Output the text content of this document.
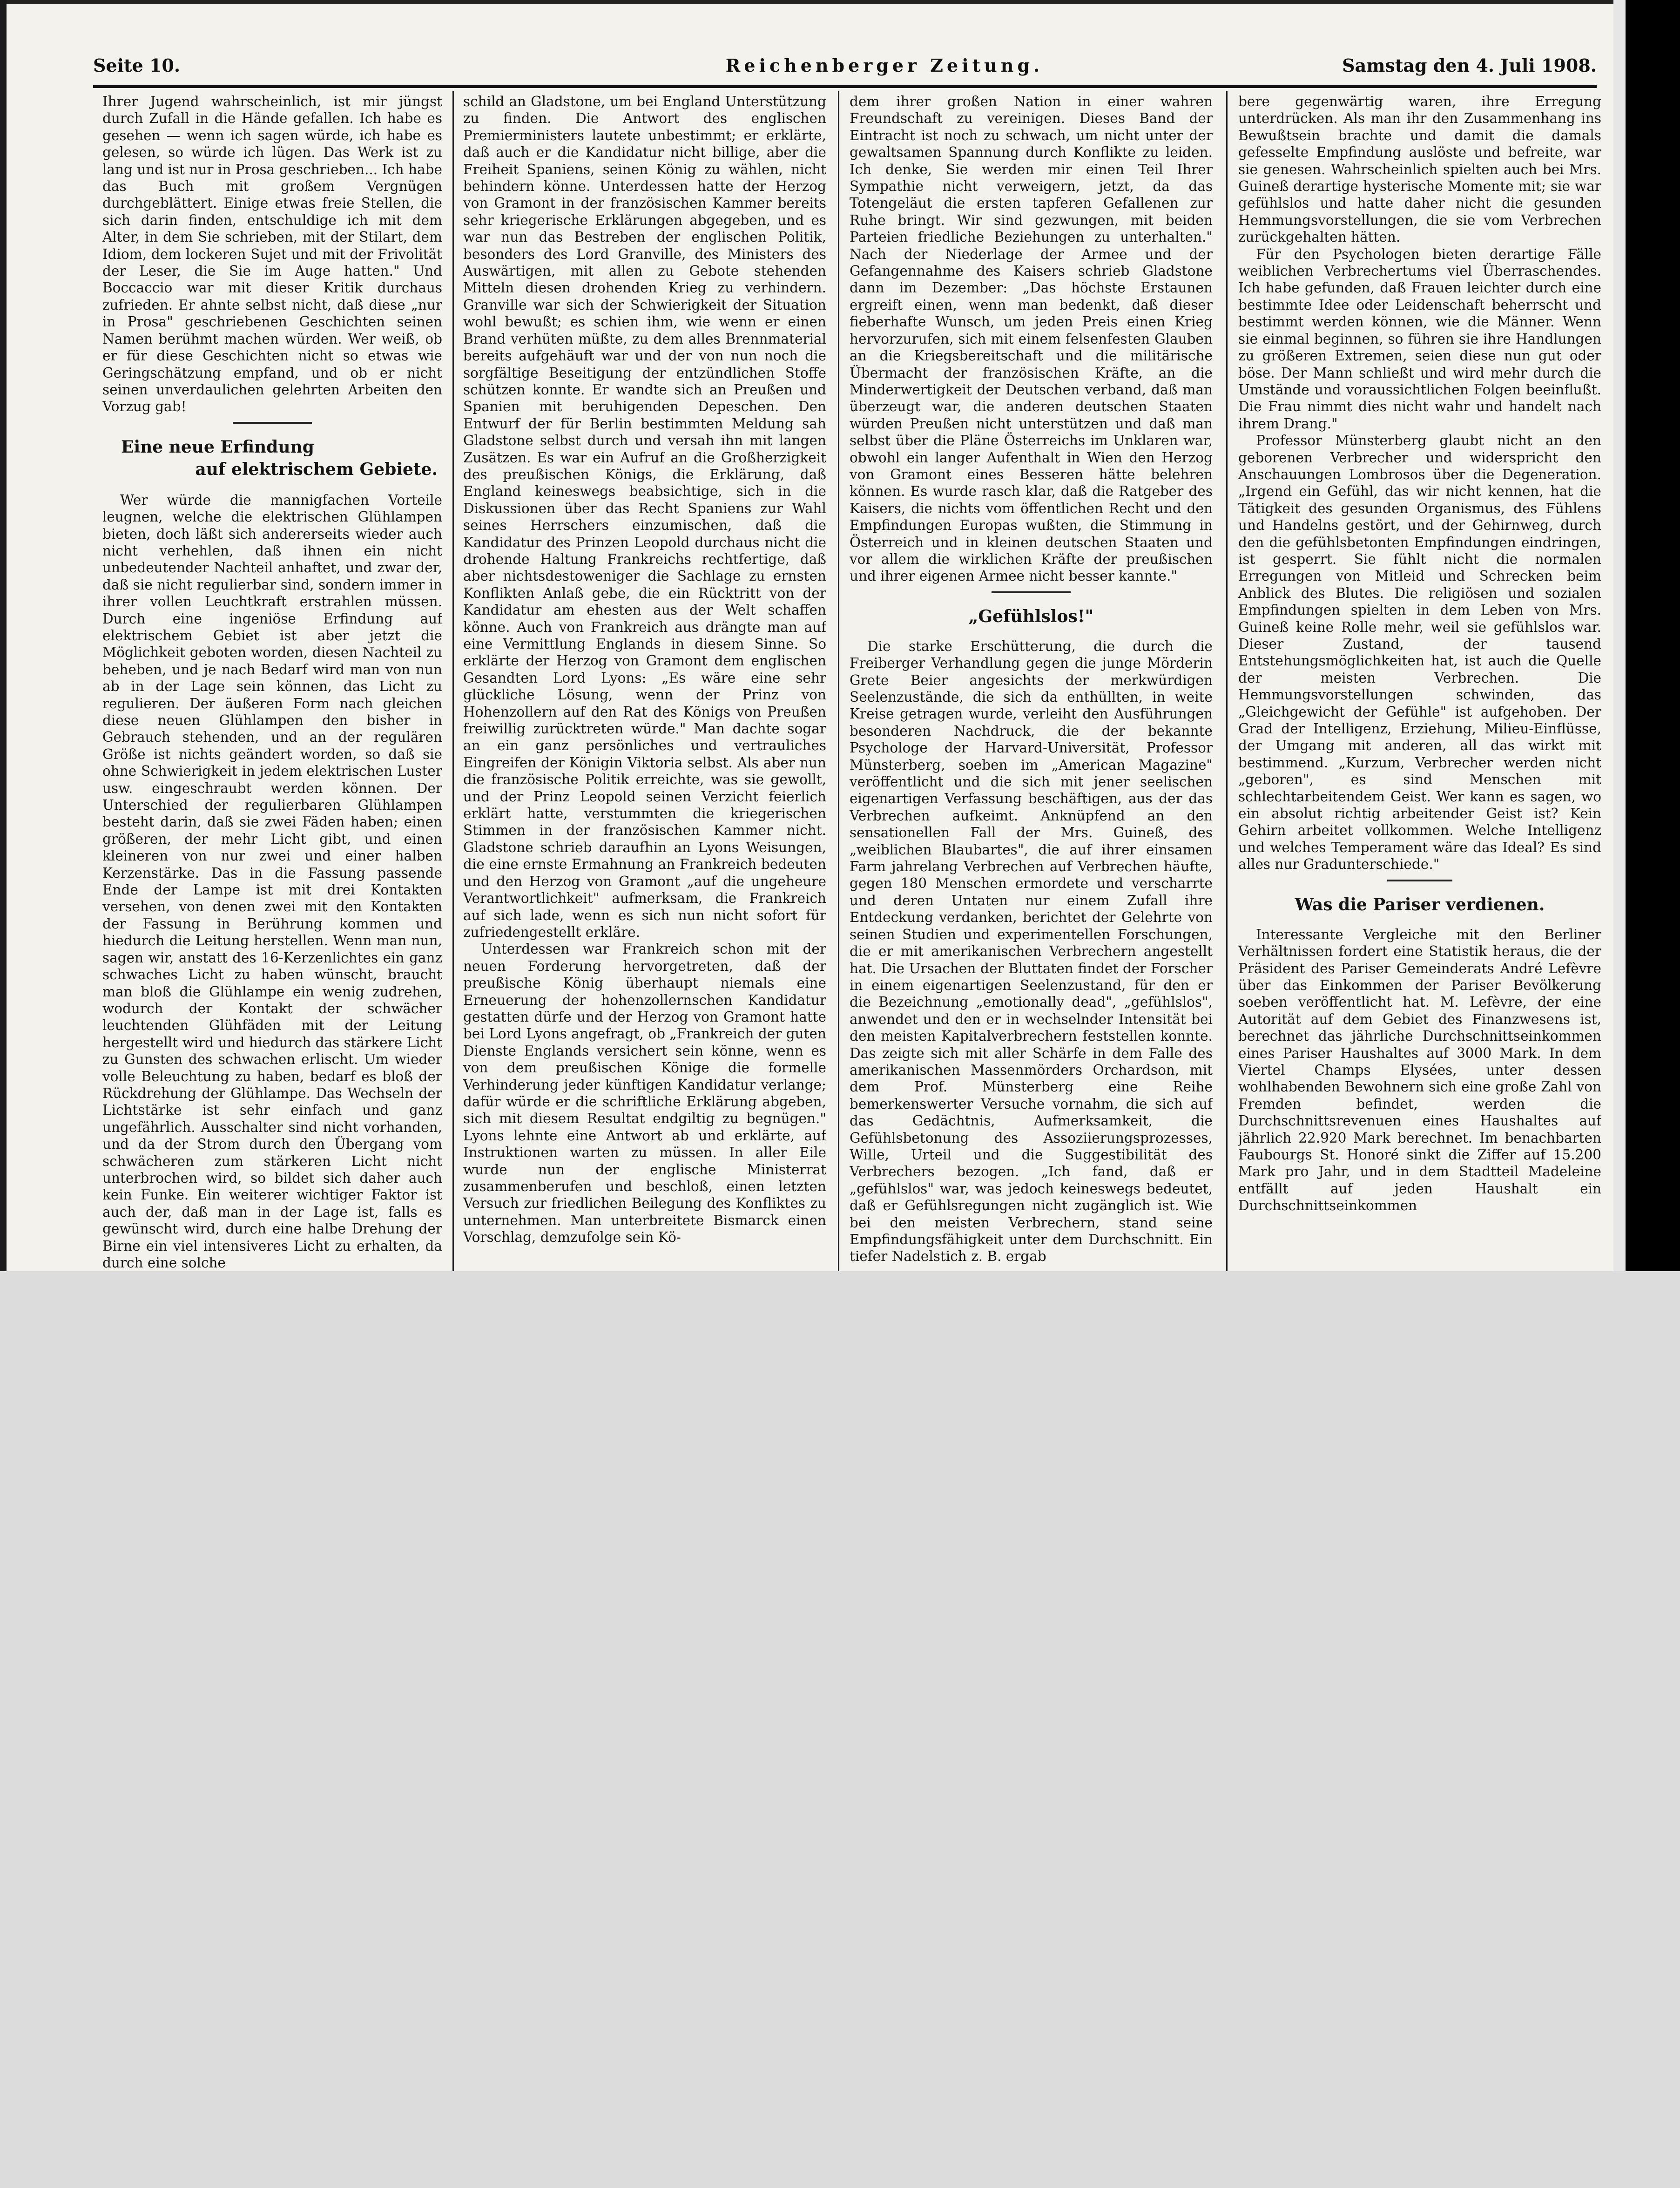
Seite 10.	Reichenberger Zeitung.	Samstag den 4. Juli 1908.

Ihrer Jugend wahrscheinlich, ist mir jüngst durch Zufall in die Hände gefallen. Ich habe es gesehen — wenn ich sagen würde, ich habe es gelesen, so würde ich lügen. Das Werk ist zu lang und ist nur in Prosa geschrieben... Ich habe das Buch mit großem Vergnügen durchgeblättert. Einige etwas freie Stellen, die sich darin finden, entschuldige ich mit dem Alter, in dem Sie schrieben, mit der Stilart, dem Idiom, dem lockeren Sujet und mit der Frivolität der Leser, die Sie im Auge hatten." Und Boccaccio war mit dieser Kritik durchaus zufrieden. Er ahnte selbst nicht, daß diese „nur in Prosa" geschriebenen Geschichten seinen Namen berühmt machen würden. Wer weiß, ob er für diese Geschichten nicht so etwas wie Geringschätzung empfand, und ob er nicht seinen unverdaulichen gelehrten Arbeiten den Vorzug gab!

Eine neue Erfindung
auf elektrischem Gebiete.

Wer würde die mannigfachen Vorteile leugnen, welche die elektrischen Glühlampen bieten, doch läßt sich andererseits wieder auch nicht verhehlen, daß ihnen ein nicht unbedeutender Nachteil anhaftet, und zwar der, daß sie nicht regulierbar sind, sondern immer in ihrer vollen Leuchtkraft erstrahlen müssen. Durch eine ingeniöse Erfindung auf elektrischem Gebiet ist aber jetzt die Möglichkeit geboten worden, diesen Nachteil zu beheben, und je nach Bedarf wird man von nun ab in der Lage sein können, das Licht zu regulieren. Der äußeren Form nach gleichen diese neuen Glühlampen den bisher in Gebrauch stehenden, und an der regulären Größe ist nichts geändert worden, so daß sie ohne Schwierigkeit in jedem elektrischen Luster usw. eingeschraubt werden können. Der Unterschied der regulierbaren Glühlampen besteht darin, daß sie zwei Fäden haben; einen größeren, der mehr Licht gibt, und einen kleineren von nur zwei und einer halben Kerzenstärke. Das in die Fassung passende Ende der Lampe ist mit drei Kontakten versehen, von denen zwei mit den Kontakten der Fassung in Berührung kommen und hiedurch die Leitung herstellen. Wenn man nun, sagen wir, anstatt des 16-Kerzenlichtes ein ganz schwaches Licht zu haben wünscht, braucht man bloß die Glühlampe ein wenig zudrehen, wodurch der Kontakt der schwächer leuchtenden Glühfäden mit der Leitung hergestellt wird und hiedurch das stärkere Licht zu Gunsten des schwachen erlischt. Um wieder volle Beleuchtung zu haben, bedarf es bloß der Rückdrehung der Glühlampe. Das Wechseln der Lichtstärke ist sehr einfach und ganz ungefährlich. Ausschalter sind nicht vorhanden, und da der Strom durch den Übergang vom schwächeren zum stärkeren Licht nicht unterbrochen wird, so bildet sich daher auch kein Funke. Ein weiterer wichtiger Faktor ist auch der, daß man in der Lage ist, falls es gewünscht wird, durch eine halbe Drehung der Birne ein viel intensiveres Licht zu erhalten, da durch eine solche

schild an Gladstone, um bei England Unterstützung zu finden. Die Antwort des englischen Premierministers lautete unbestimmt; er erklärte, daß auch er die Kandidatur nicht billige, aber die Freiheit Spaniens, seinen König zu wählen, nicht behindern könne. Unterdessen hatte der Herzog von Gramont in der französischen Kammer bereits sehr kriegerische Erklärungen abgegeben, und es war nun das Bestreben der englischen Politik, besonders des Lord Granville, des Ministers des Auswärtigen, mit allen zu Gebote stehenden Mitteln diesen drohenden Krieg zu verhindern. Granville war sich der Schwierigkeit der Situation wohl bewußt; es schien ihm, wie wenn er einen Brand verhüten müßte, zu dem alles Brennmaterial bereits aufgehäuft war und der von nun noch die sorgfältige Beseitigung der entzündlichen Stoffe schützen konnte. Er wandte sich an Preußen und Spanien mit beruhigenden Depeschen. Den Entwurf der für Berlin bestimmten Meldung sah Gladstone selbst durch und versah ihn mit langen Zusätzen. Es war ein Aufruf an die Großherzigkeit des preußischen Königs, die Erklärung, daß England keineswegs beabsichtige, sich in die Diskussionen über das Recht Spaniens zur Wahl seines Herrschers einzumischen, daß die Kandidatur des Prinzen Leopold durchaus nicht die drohende Haltung Frankreichs rechtfertige, daß aber nichtsdestoweniger die Sachlage zu ernsten Konflikten Anlaß gebe, die ein Rücktritt von der Kandidatur am ehesten aus der Welt schaffen könne. Auch von Frankreich aus drängte man auf eine Vermittlung Englands in diesem Sinne. So erklärte der Herzog von Gramont dem englischen Gesandten Lord Lyons: „Es wäre eine sehr glückliche Lösung, wenn der Prinz von Hohenzollern auf den Rat des Königs von Preußen freiwillig zurücktreten würde." Man dachte sogar an ein ganz persönliches und vertrauliches Eingreifen der Königin Viktoria selbst. Als aber nun die französische Politik erreichte, was sie gewollt, und der Prinz Leopold seinen Verzicht feierlich erklärt hatte, verstummten die kriegerischen Stimmen in der französischen Kammer nicht. Gladstone schrieb daraufhin an Lyons Weisungen, die eine ernste Ermahnung an Frankreich bedeuten und den Herzog von Gramont „auf die ungeheure Verantwortlichkeit" aufmerksam, die Frankreich auf sich lade, wenn es sich nun nicht sofort für zufriedengestellt erkläre.

Unterdessen war Frankreich schon mit der neuen Forderung hervorgetreten, daß der preußische König überhaupt niemals eine Erneuerung der hohenzollernschen Kandidatur gestatten dürfe und der Herzog von Gramont hatte bei Lord Lyons angefragt, ob „Frankreich der guten Dienste Englands versichert sein könne, wenn es von dem preußischen Könige die formelle Verhinderung jeder künftigen Kandidatur verlange; dafür würde er die schriftliche Erklärung abgeben, sich mit diesem Resultat endgiltig zu begnügen." Lyons lehnte eine Antwort ab und erklärte, auf Instruktionen warten zu müssen. In aller Eile wurde nun der englische Ministerrat zusammenberufen und beschloß, einen letzten Versuch zur friedlichen Beilegung des Konfliktes zu unternehmen. Man unterbreitete Bismarck einen Vorschlag, demzufolge sein Kö-

dem ihrer großen Nation in einer wahren Freundschaft zu vereinigen. Dieses Band der Eintracht ist noch zu schwach, um nicht unter der gewaltsamen Spannung durch Konflikte zu leiden. Ich denke, Sie werden mir einen Teil Ihrer Sympathie nicht verweigern, jetzt, da das Totengeläut die ersten tapferen Gefallenen zur Ruhe bringt. Wir sind gezwungen, mit beiden Parteien friedliche Beziehungen zu unterhalten." Nach der Niederlage der Armee und der Gefangennahme des Kaisers schrieb Gladstone dann im Dezember: „Das höchste Erstaunen ergreift einen, wenn man bedenkt, daß dieser fieberhafte Wunsch, um jeden Preis einen Krieg hervorzurufen, sich mit einem felsenfesten Glauben an die Kriegsbereitschaft und die militärische Übermacht der französischen Kräfte, an die Minderwertigkeit der Deutschen verband, daß man überzeugt war, die anderen deutschen Staaten würden Preußen nicht unterstützen und daß man selbst über die Pläne Österreichs im Unklaren war, obwohl ein langer Aufenthalt in Wien den Herzog von Gramont eines Besseren hätte belehren können. Es wurde rasch klar, daß die Ratgeber des Kaisers, die nichts vom öffentlichen Recht und den Empfindungen Europas wußten, die Stimmung in Österreich und in kleinen deutschen Staaten und vor allem die wirklichen Kräfte der preußischen und ihrer eigenen Armee nicht besser kannte."

„Gefühlslos!"

Die starke Erschütterung, die durch die Freiberger Verhandlung gegen die junge Mörderin Grete Beier angesichts der merkwürdigen Seelenzustände, die sich da enthüllten, in weite Kreise getragen wurde, verleiht den Ausführungen besonderen Nachdruck, die der bekannte Psychologe der Harvard-Universität, Professor Münsterberg, soeben im „American Magazine" veröffentlicht und die sich mit jener seelischen eigenartigen Verfassung beschäftigen, aus der das Verbrechen aufkeimt. Anknüpfend an den sensationellen Fall der Mrs. Guineß, des „weiblichen Blaubartes", die auf ihrer einsamen Farm jahrelang Verbrechen auf Verbrechen häufte, gegen 180 Menschen ermordete und verscharrte und deren Untaten nur einem Zufall ihre Entdeckung verdanken, berichtet der Gelehrte von seinen Studien und experimentellen Forschungen, die er mit amerikanischen Verbrechern angestellt hat. Die Ursachen der Bluttaten findet der Forscher in einem eigenartigen Seelenzustand, für den er die Bezeichnung „emotionally dead", „gefühlslos", anwendet und den er in wechselnder Intensität bei den meisten Kapitalverbrechern feststellen konnte. Das zeigte sich mit aller Schärfe in dem Falle des amerikanischen Massenmörders Orchardson, mit dem Prof. Münsterberg eine Reihe bemerkenswerter Versuche vornahm, die sich auf das Gedächtnis, Aufmerksamkeit, die Gefühlsbetonung des Assoziierungsprozesses, Wille, Urteil und die Suggestibilität des Verbrechers bezogen. „Ich fand, daß er „gefühlslos" war, was jedoch keineswegs bedeutet, daß er Gefühlsregungen nicht zugänglich ist. Wie bei den meisten Verbrechern, stand seine Empfindungsfähigkeit unter dem Durchschnitt. Ein tiefer Nadelstich z. B. ergab

bere gegenwärtig waren, ihre Erregung unterdrücken. Als man ihr den Zusammenhang ins Bewußtsein brachte und damit die damals gefesselte Empfindung auslöste und befreite, war sie genesen. Wahrscheinlich spielten auch bei Mrs. Guineß derartige hysterische Momente mit; sie war gefühlslos und hatte daher nicht die gesunden Hemmungsvorstellungen, die sie vom Verbrechen zurückgehalten hätten.

Für den Psychologen bieten derartige Fälle weiblichen Verbrechertums viel Überraschendes. Ich habe gefunden, daß Frauen leichter durch eine bestimmte Idee oder Leidenschaft beherrscht und bestimmt werden können, wie die Männer. Wenn sie einmal beginnen, so führen sie ihre Handlungen zu größeren Extremen, seien diese nun gut oder böse. Der Mann schließt und wird mehr durch die Umstände und voraussichtlichen Folgen beeinflußt. Die Frau nimmt dies nicht wahr und handelt nach ihrem Drang."

Professor Münsterberg glaubt nicht an den geborenen Verbrecher und widerspricht den Anschauungen Lombrosos über die Degeneration. „Irgend ein Gefühl, das wir nicht kennen, hat die Tätigkeit des gesunden Organismus, des Fühlens und Handelns gestört, und der Gehirnweg, durch den die gefühlsbetonten Empfindungen eindringen, ist gesperrt. Sie fühlt nicht die normalen Erregungen von Mitleid und Schrecken beim Anblick des Blutes. Die religiösen und sozialen Empfindungen spielten in dem Leben von Mrs. Guineß keine Rolle mehr, weil sie gefühlslos war. Dieser Zustand, der tausend Entstehungsmöglichkeiten hat, ist auch die Quelle der meisten Verbrechen. Die Hemmungsvorstellungen schwinden, das „Gleichgewicht der Gefühle" ist aufgehoben. Der Grad der Intelligenz, Erziehung, Milieu-Einflüsse, der Umgang mit anderen, all das wirkt mit bestimmend. „Kurzum, Verbrecher werden nicht „geboren", es sind Menschen mit schlechtarbeitendem Geist. Wer kann es sagen, wo ein absolut richtig arbeitender Geist ist? Kein Gehirn arbeitet vollkommen. Welche Intelligenz und welches Temperament wäre das Ideal? Es sind alles nur Gradunterschiede."

Was die Pariser verdienen.

Interessante Vergleiche mit den Berliner Verhältnissen fordert eine Statistik heraus, die der Präsident des Pariser Gemeinderats André Lefèvre über das Einkommen der Pariser Bevölkerung soeben veröffentlicht hat. M. Lefèvre, der eine Autorität auf dem Gebiet des Finanzwesens ist, berechnet das jährliche Durchschnittseinkommen eines Pariser Haushaltes auf 3000 Mark. In dem Viertel Champs Elysées, unter dessen wohlhabenden Bewohnern sich eine große Zahl von Fremden befindet, werden die Durchschnittsrevenuen eines Haushaltes auf jährlich 22.920 Mark berechnet. Im benachbarten Faubourgs St. Honoré sinkt die Ziffer auf 15.200 Mark pro Jahr, und in dem Stadtteil Madeleine entfällt auf jeden Haushalt ein Durchschnittseinkommen
